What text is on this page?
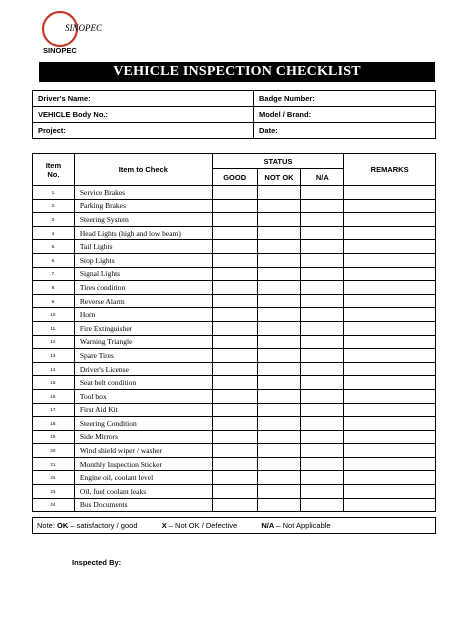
SINOPEC
SINOPEC
VEHICLE INSPECTION CHECKLIST
Driver's Name:	Badge Number:
VEHICLE Body No.:	Model / Brand:
Project:	Date:
Item No.	Item to Check	STATUS			REMARKS
		GOOD	NOT OK	N/A	
1.	Service Brakes				
2.	Parking Brakes				
3.	Steering System				
4.	Head Lights (high and low beam)				
5.	Tail Lights				
6.	Stop Lights				
7.	Signal Lights				
8.	Tires condition				
9.	Reverse Alarm				
10.	Horn				
11.	Fire Extinguisher				
12.	Warning Triangle				
13.	Spare Tires				
14.	Driver's License				
15.	Seat belt condition				
16.	Tool box				
17.	First Aid Kit				
18.	Steering Condition				
19.	Side Mirrors				
20.	Wind shield wiper / washer				
21.	Monthly Inspection Sticker				
22.	Engine oil, coolant level				
23.	Oil, fuel coolant leaks				
24.	Bus Documents				
Note: OK – satisfactory / good	X – Not OK / Defective	N/A – Not Applicable
Inspected By:
